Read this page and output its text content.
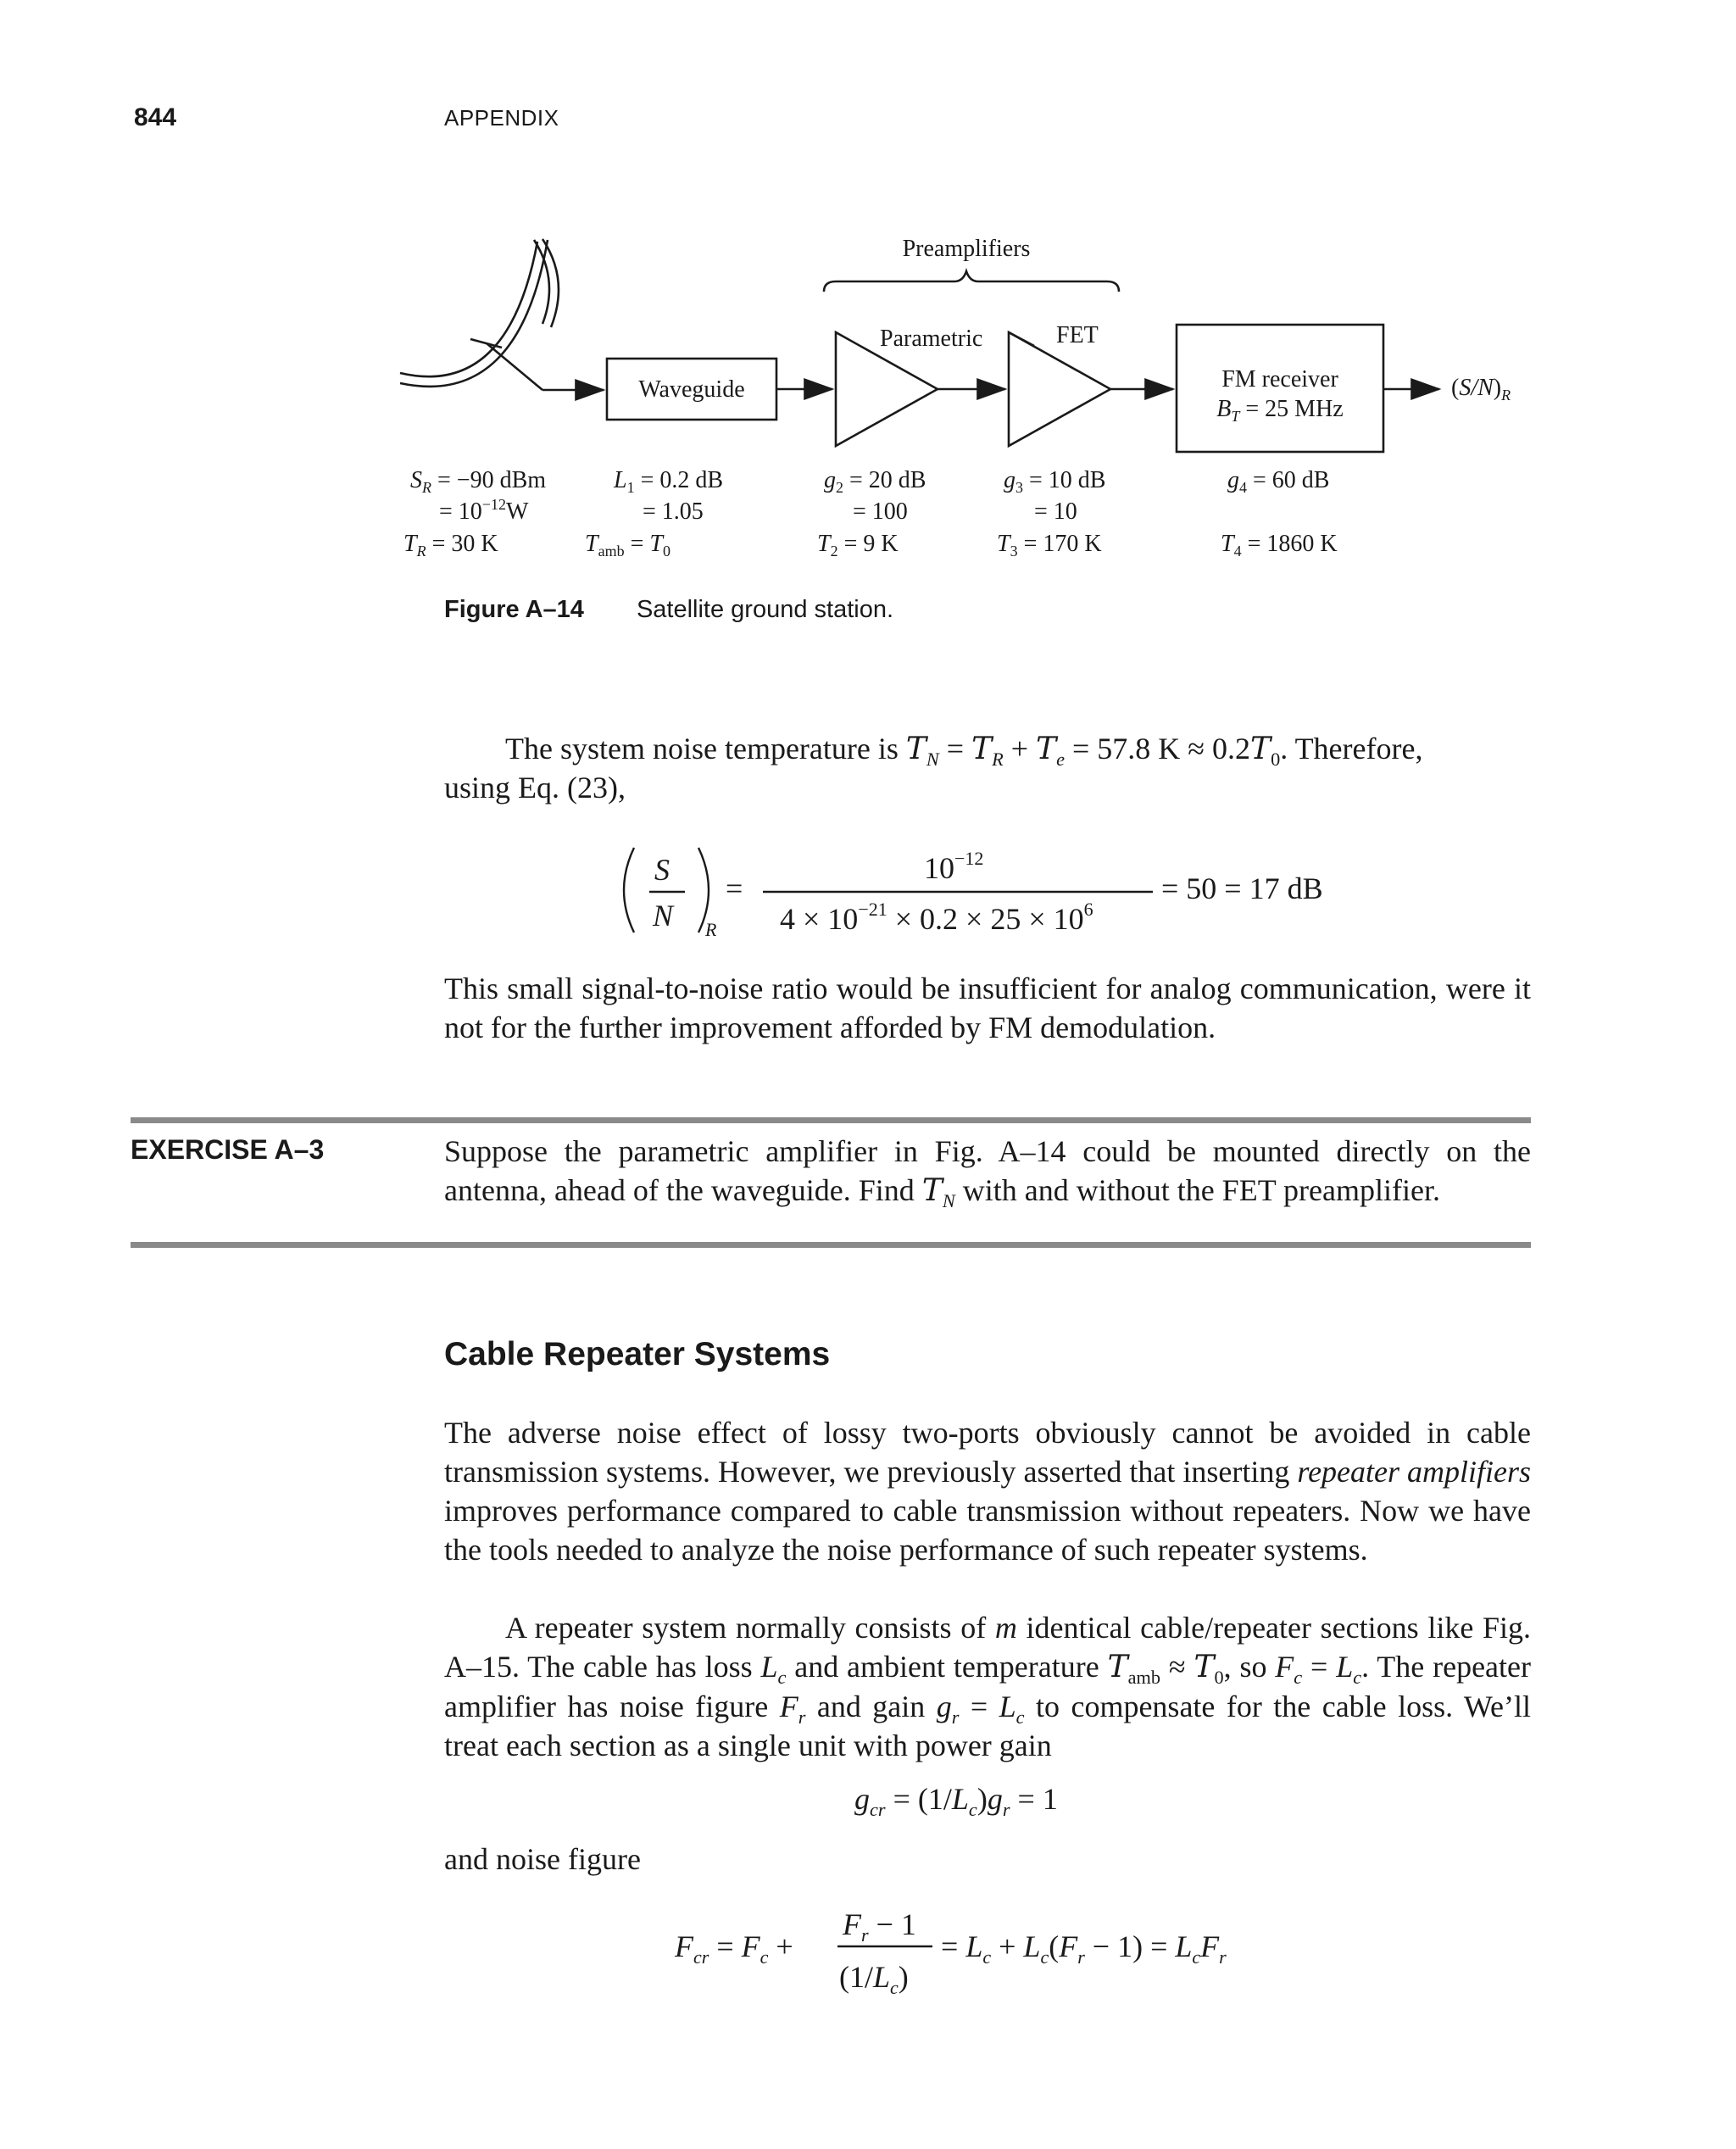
844	APPENDIX
Preamplifiers
Parametric	FET
Waveguide	FM receiver
$B_T = 25$ MHz
$(S/N)_R$
$S_R = -90$ dBm
= $10^{-12}W$
$T_R = 30$ K
$L_1 = 0.2$ dB
= 1.05
$T_{amb} = T_0$
$g_2 = 20$ dB
= 100
$T_2 = 9$ K
$g_3 = 10$ dB
= 10
$T_3 = 170$ K
$g_4 = 60$ dB
$T_4 = 1860$ K
Figure A–14 Satellite ground station.
The system noise temperature is $T_N = T_R + T_e = 57.8$ $K \approx 0.2T_0$. Therefore,
using Eq. (23),
S
N R
=
$10^{-12}$
$4 \times 10^{-21} \times 0.2 \times 25 \times 10^6$
= 50 = 17 dB
This small signal-to-noise ratio would be insufficient for analog communication, were it not for the further improvement afforded by FM demodulation.
EXERCISE A–3	Suppose the parametric amplifier in Fig. A–14 could be mounted directly on the antenna, ahead of the waveguide. Find $T_N$ with and without the FET preamplifier.
Cable Repeater Systems
The adverse noise effect of lossy two-ports obviously cannot be avoided in cable transmission systems. However, we previously asserted that inserting repeater amplifiers improves performance compared to cable transmission without repeaters. Now we have the tools needed to analyze the noise performance of such repeater systems.
A repeater system normally consists of m identical cable/repeater sections like Fig. A–15. The cable has loss $L_c$ and ambient temperature $T_{amb} \approx T_0$, so $F_c = L_c$. The repeater amplifier has noise figure $F_r$ and gain $g_r = L_c$ to compensate for the cable loss. We’ll treat each section as a single unit with power gain
$g_{cr} = (1/L_c)g_r = 1$
and noise figure
$F_{cr} = F_c$ +
$F_r - 1$
$(1/L_c)$
= $L_c + L_c(F_r - 1) = L_cF_r$
